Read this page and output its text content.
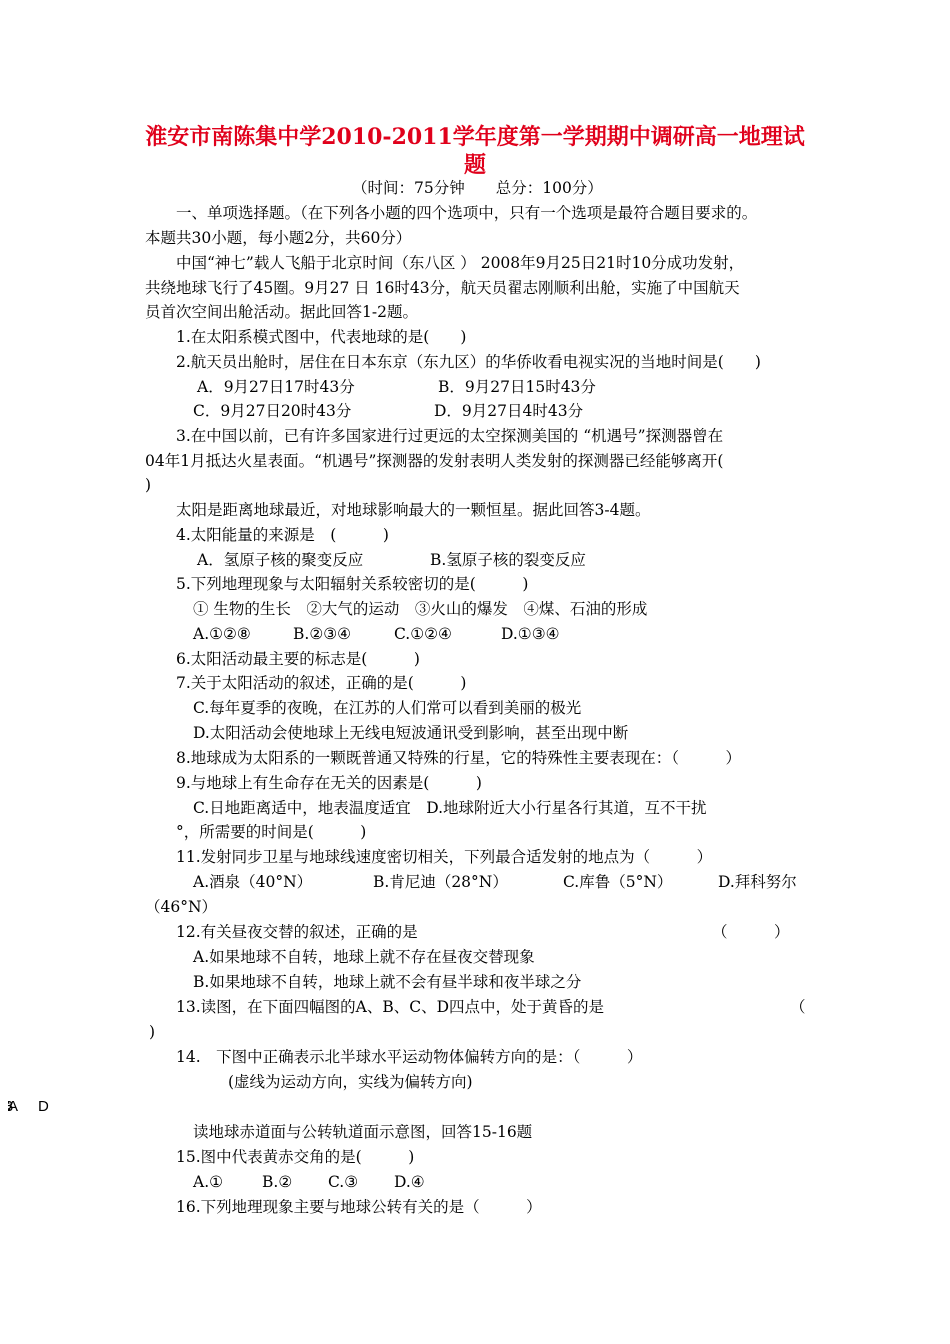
淮安市南陈集中学2010-2011学年度第一学期期中调研高一地理试
题
（时间：75分钟　　总分：100分）
一、单项选择题。（在下列各小题的四个选项中，只有一个选项是最符合题目要求的。
本题共30小题，每小题2分，共60分）
中国“神七”载人飞船于北京时间（东八区 ） 2008年9月25日21时10分成功发射，
共绕地球飞行了45圈。9月27 日 16时43分，航天员翟志刚顺利出舱，实施了中国航天
员首次空间出舱活动。据此回答1-2题。
1.在太阳系模式图中，代表地球的是(　　)
2.航天员出舱时，居住在日本东京（东九区）的华侨收看电视实况的当地时间是(　　)
A．9月27日17时43分	B．9月27日15时43分
C．9月27日20时43分	D．9月27日4时43分
3.在中国以前，已有许多国家进行过更远的太空探测美国的 “机遇号”探测器曾在
04年1月抵达火星表面。“机遇号”探测器的发射表明人类发射的探测器已经能够离开(
)
太阳是距离地球最近，对地球影响最大的一颗恒星。据此回答3-4题。
4.太阳能量的来源是　(　　　)
A．氢原子核的聚变反应	B.氢原子核的裂变反应
5.下列地理现象与太阳辐射关系较密切的是(　　　)
① 生物的生长　②大气的运动　③火山的爆发　④煤、石油的形成
A.①②⑧	B.②③④	C.①②④	D.①③④
6.太阳活动最主要的标志是(　　　)
7.关于太阳活动的叙述，正确的是(　　　)
C.每年夏季的夜晚，在江苏的人们常可以看到美丽的极光
D.太阳活动会使地球上无线电短波通讯受到影响，甚至出现中断
8.地球成为太阳系的一颗既普通又特殊的行星，它的特殊性主要表现在：（　　　）
9.与地球上有生命存在无关的因素是(　　　)
C.日地距离适中，地表温度适宜　D.地球附近大小行星各行其道，互不干扰
°，所需要的时间是(　　　)
11.发射同步卫星与地球线速度密切相关，下列最合适发射的地点为（　　　）
A.酒泉（40°N）	B.肯尼迪（28°N）	C.库鲁（5°N）	D.拜科努尔
（46°N）
12.有关昼夜交替的叙述，正确的是	（　　　）
A.如果地球不自转，地球上就不存在昼夜交替现象
B.如果地球不自转，地球上就不会有昼半球和夜半球之分
13.读图，在下面四幅图的A、B、C、D四点中，处于黄昏的是	（
)
14.　下图中正确表示北半球水平运动物体偏转方向的是：（　　　）
(虚线为运动方向，实线为偏转方向)
D
读地球赤道面与公转轨道面示意图，回答15-16题
15.图中代表黄赤交角的是(　　　)
A.①	B.② C.③ D.④
16.下列地理现象主要与地球公转有关的是（　　　）
